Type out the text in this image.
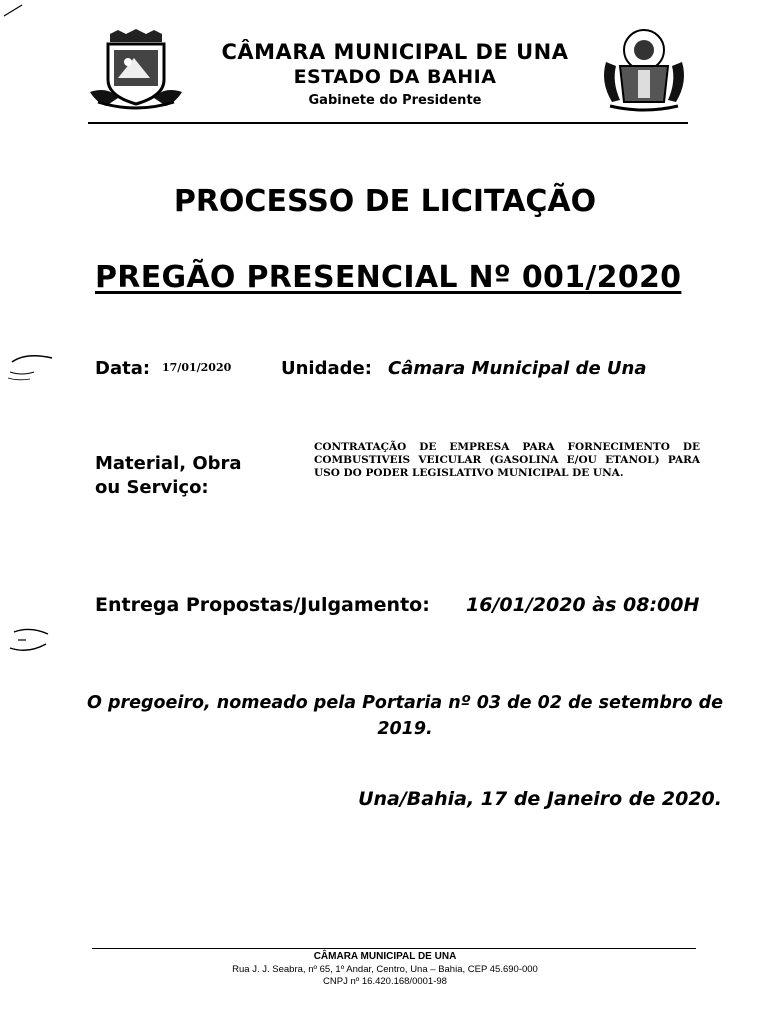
CÂMARA MUNICIPAL DE UNA
ESTADO DA BAHIA
Gabinete do Presidente
PROCESSO DE LICITAÇÃO
PREGÃO PRESENCIAL Nº 001/2020
Data: 17/01/2020	Unidade: Câmara Municipal de Una
Material, Obra ou Serviço:
CONTRATAÇÃO DE EMPRESA PARA FORNECIMENTO DE COMBUSTIVEIS VEICULAR (GASOLINA E/OU ETANOL) PARA USO DO PODER LEGISLATIVO MUNICIPAL DE UNA.
Entrega Propostas/Julgamento: 16/01/2020 às 08:00H
O pregoeiro, nomeado pela Portaria nº 03 de 02 de setembro de 2019.
Una/Bahia, 17 de Janeiro de 2020.
CÂMARA MUNICIPAL DE UNA
Rua J. J. Seabra, nº 65, 1º Andar, Centro, Una – Bahia, CEP 45.690-000
CNPJ nº 16.420.168/0001-98
